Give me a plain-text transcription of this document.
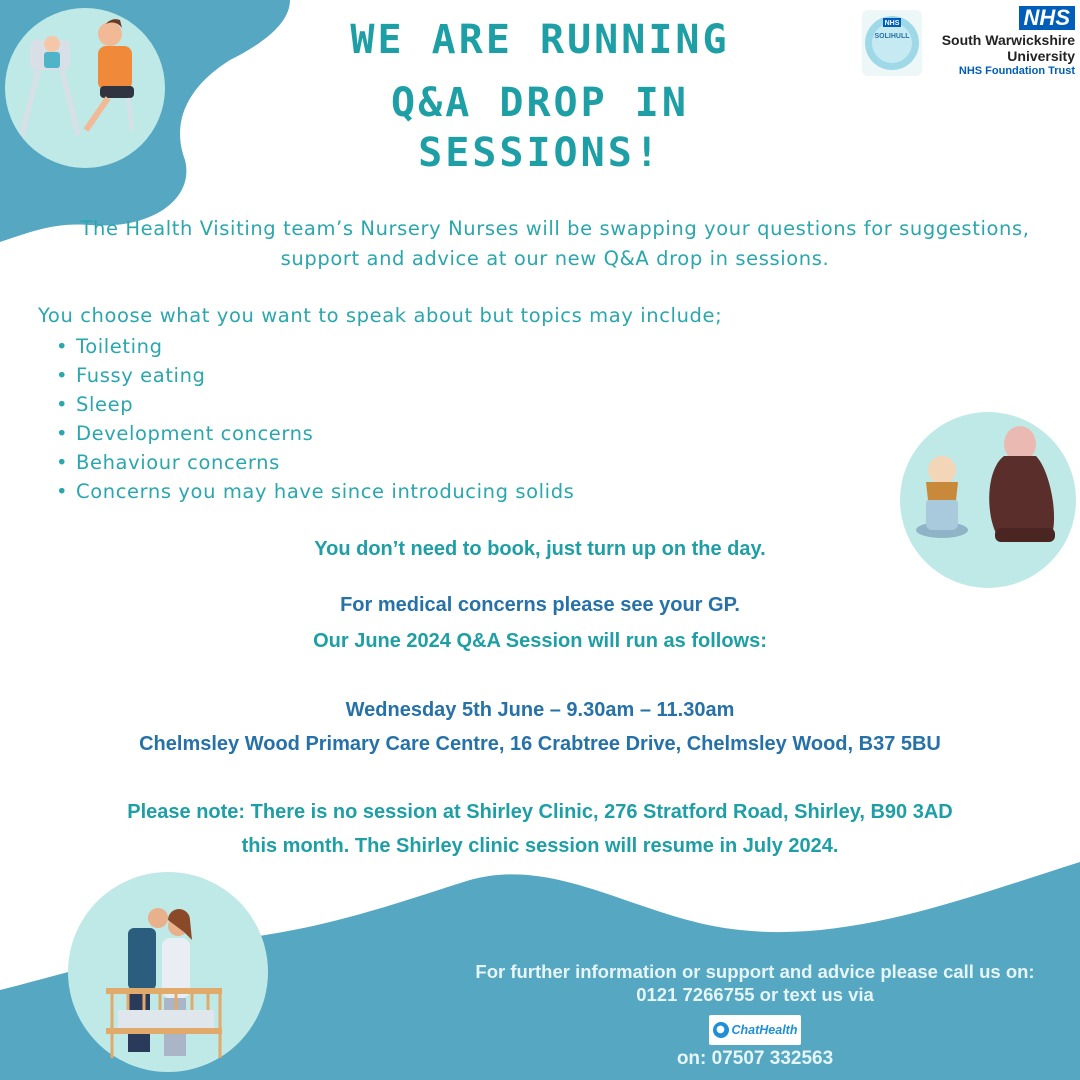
NHS
SOLIHULL
NHS
South Warwickshire
University
NHS Foundation Trust
WE ARE RUNNING
Q&A DROP IN
SESSIONS!
The Health Visiting team’s Nursery Nurses will be swapping your questions for suggestions,
support and advice at our new Q&A drop in sessions.
You choose what you want to speak about but topics may include;
• Toileting
• Fussy eating
• Sleep
• Development concerns
• Behaviour concerns
• Concerns you may have since introducing solids
You don’t need to book, just turn up on the day.
For medical concerns please see your GP.
Our June 2024 Q&A Session will run as follows:
Wednesday 5th June – 9.30am – 11.30am
Chelmsley Wood Primary Care Centre, 16 Crabtree Drive, Chelmsley Wood, B37 5BU
Please note: There is no session at Shirley Clinic, 276 Stratford Road, Shirley, B90 3AD
this month. The Shirley clinic session will resume in July 2024.
For further information or support and advice please call us on:
0121 7266755 or text us via
● ChatHealth
on: 07507 332563
